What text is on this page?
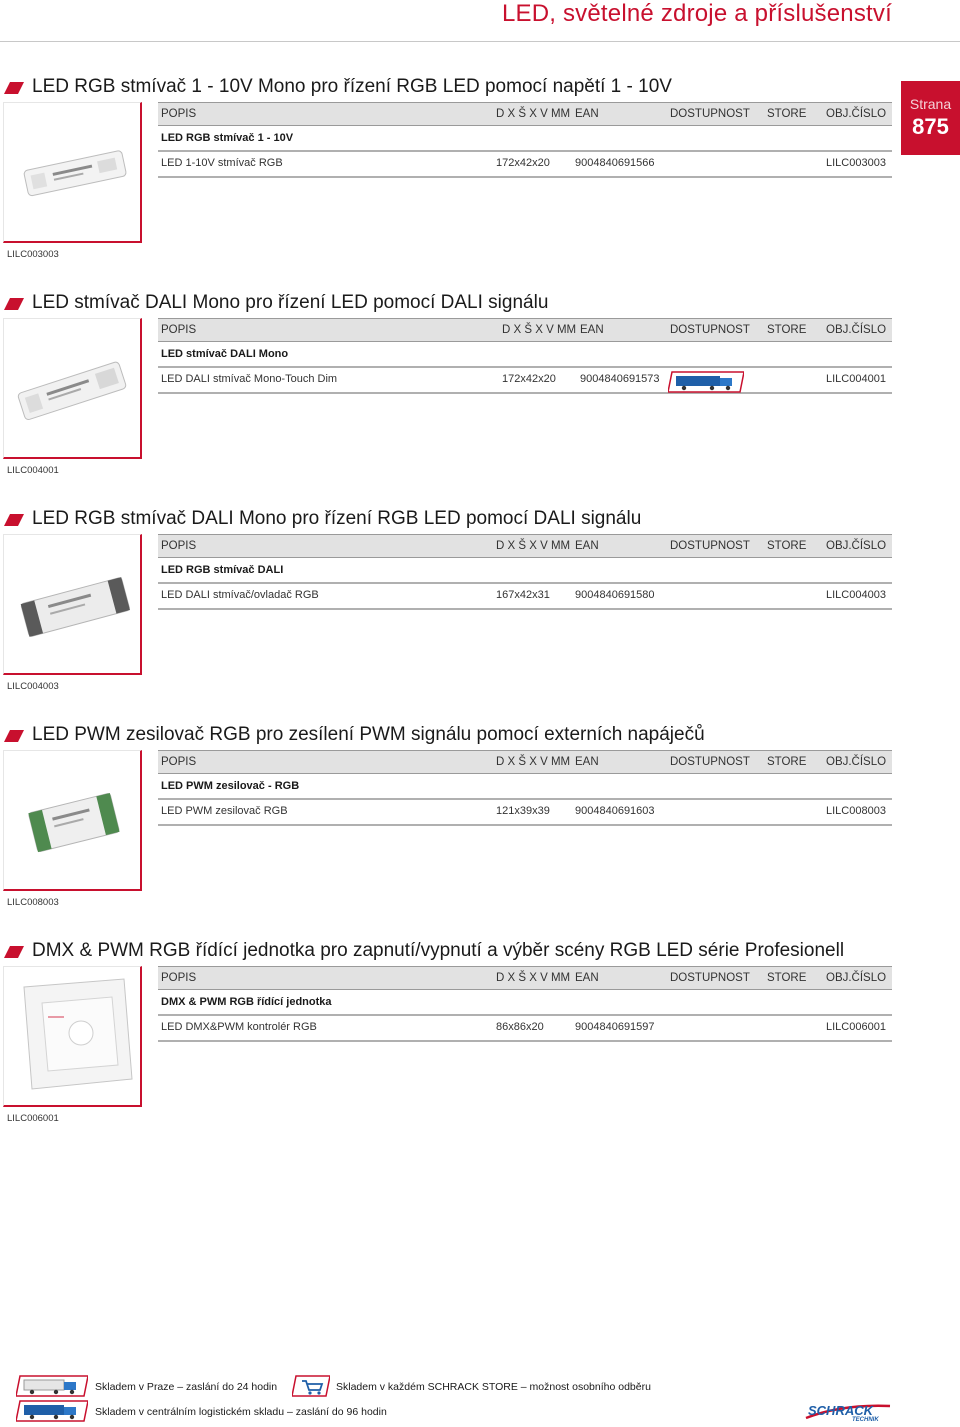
LED, světelné zdroje a příslušenství
Strana
875
LED RGB stmívač 1 - 10V Mono pro řízení RGB LED pomocí napětí 1 - 10V
LILC003003
POPIS	D X Š X V MM EAN	DOSTUPNOST STORE OBJ.ČÍSLO
LED RGB stmívač 1 - 10V
LED 1-10V stmívač RGB	172x42x20 9004840691566	LILC003003
LED stmívač DALI Mono pro řízení LED pomocí DALI signálu
LILC004001
POPIS	D X Š X V MM EAN	DOSTUPNOST STORE OBJ.ČÍSLO
LED stmívač DALI Mono
LED DALI stmívač Mono-Touch Dim	172x42x20 9004840691573	LILC004001
LED RGB stmívač DALI Mono pro řízení RGB LED pomocí DALI signálu
LILC004003
POPIS	D X Š X V MM EAN	DOSTUPNOST STORE OBJ.ČÍSLO
LED RGB stmívač DALI
LED DALI stmívač/ovladač RGB	167x42x31 9004840691580	LILC004003
LED PWM zesilovač RGB pro zesílení PWM signálu pomocí externích napáječů
LILC008003
POPIS	D X Š X V MM EAN	DOSTUPNOST STORE OBJ.ČÍSLO
LED PWM zesilovač - RGB
LED PWM zesilovač RGB	121x39x39 9004840691603	LILC008003
DMX & PWM RGB řídící jednotka pro zapnutí/vypnutí a výběr scény RGB LED série Profesionell
LILC006001
POPIS	D X Š X V MM EAN	DOSTUPNOST STORE OBJ.ČÍSLO
DMX & PWM RGB řídící jednotka
LED DMX&PWM kontrolér RGB	86x86x20	9004840691597	LILC006001
Skladem v Praze – zaslání do 24 hodin	Skladem v každém SCHRACK STORE – možnost osobního odběru
Skladem v centrálním logistickém skladu – zaslání do 96 hodin	SCHRACK
TECHNIK
